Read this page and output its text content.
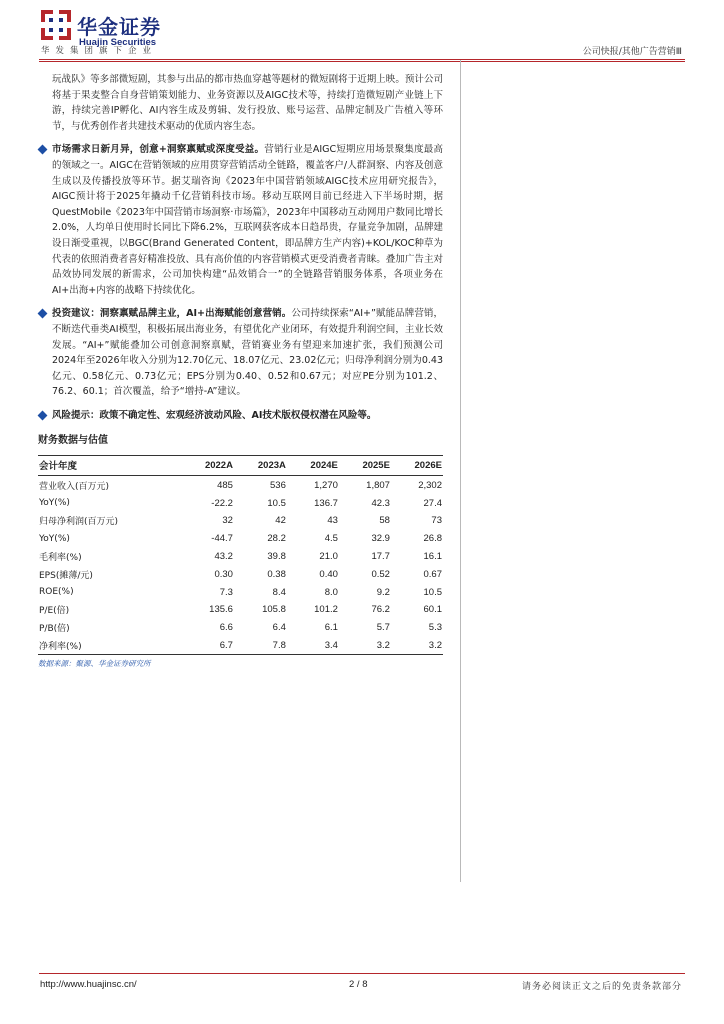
华金证券
Huajin Securities
华发集团旗下企业	公司快报/其他广告营销Ⅲ

玩战队》等多部微短剧，其参与出品的都市热血穿越等题材的微短剧将于近期上映。预计公司将基于果麦整合自身营销策划能力、业务资源以及AIGC技术等，持续打造微短剧产业链上下游，持续完善IP孵化、AI内容生成及剪辑、发行投放、账号运营、品牌定制及广告植入等环节，与优秀创作者共建技术驱动的优质内容生态。

市场需求日新月异，创意+洞察禀赋或深度受益。营销行业是AIGC短期应用场景聚集度最高的领域之一。AIGC在营销领域的应用贯穿营销活动全链路，覆盖客户/人群洞察、内容及创意生成以及传播投放等环节。据艾瑞咨询《2023年中国营销领域AIGC技术应用研究报告》，AIGC预计将于2025年撬动千亿营销科技市场。移动互联网目前已经进入下半场时期，据QuestMobile《2023年中国营销市场洞察·市场篇》，2023年中国移动互动网用户数同比增长2.0%，人均单日使用时长同比下降6.2%，互联网获客成本日趋昂贵，存量竞争加剧，品牌建设日渐受重视，以BGC(Brand Generated Content，即品牌方生产内容)+KOL/KOC种草为代表的依照消费者喜好精准投放、具有高价值的内容营销模式更受消费者青睐。叠加广告主对品效协同发展的新需求，公司加快构建“品效销合一”的全链路营销服务体系，各项业务在AI+出海+内容的战略下持续优化。
投资建议：洞察禀赋品牌主业，AI+出海赋能创意营销。公司持续探索“AI+”赋能品牌营销，不断迭代垂类AI模型，积极拓展出海业务，有望优化产业闭环，有效提升利润空间，主业长效发展。“AI+”赋能叠加公司创意洞察禀赋，营销赛业务有望迎来加速扩张，我们预测公司2024年至2026年收入分别为12.70亿元、18.07亿元、23.02亿元；归母净利润分别为0.43亿元、0.58亿元、0.73亿元；EPS分别为0.40、0.52和0.67元；对应PE分别为101.2、76.2、60.1；首次覆盖，给予“增持-A”建议。
风险提示：政策不确定性、宏观经济波动风险、AI技术版权侵权潜在风险等。
财务数据与估值
会计年度	2022A	2023A	2024E	2025E	2026E
营业收入(百万元)	485	536	1,270	1,807	2,302
YoY(%)	-22.2	10.5	136.7	42.3	27.4
归母净利润(百万元)	32	42	43	58	73
YoY(%)	-44.7	28.2	4.5	32.9	26.8
毛利率(%)	43.2	39.8	21.0	17.7	16.1
EPS(摊薄/元)	0.30	0.38	0.40	0.52	0.67
ROE(%)	7.3	8.4	8.0	9.2	10.5
P/E(倍)	135.6	105.8	101.2	76.2	60.1
P/B(倍)	6.6	6.4	6.1	5.7	5.3
净利率(%)	6.7	7.8	3.4	3.2	3.2
数据来源：聚源、华金证券研究所
http://www.huajinsc.cn/	2 / 8	请务必阅读正文之后的免责条款部分
